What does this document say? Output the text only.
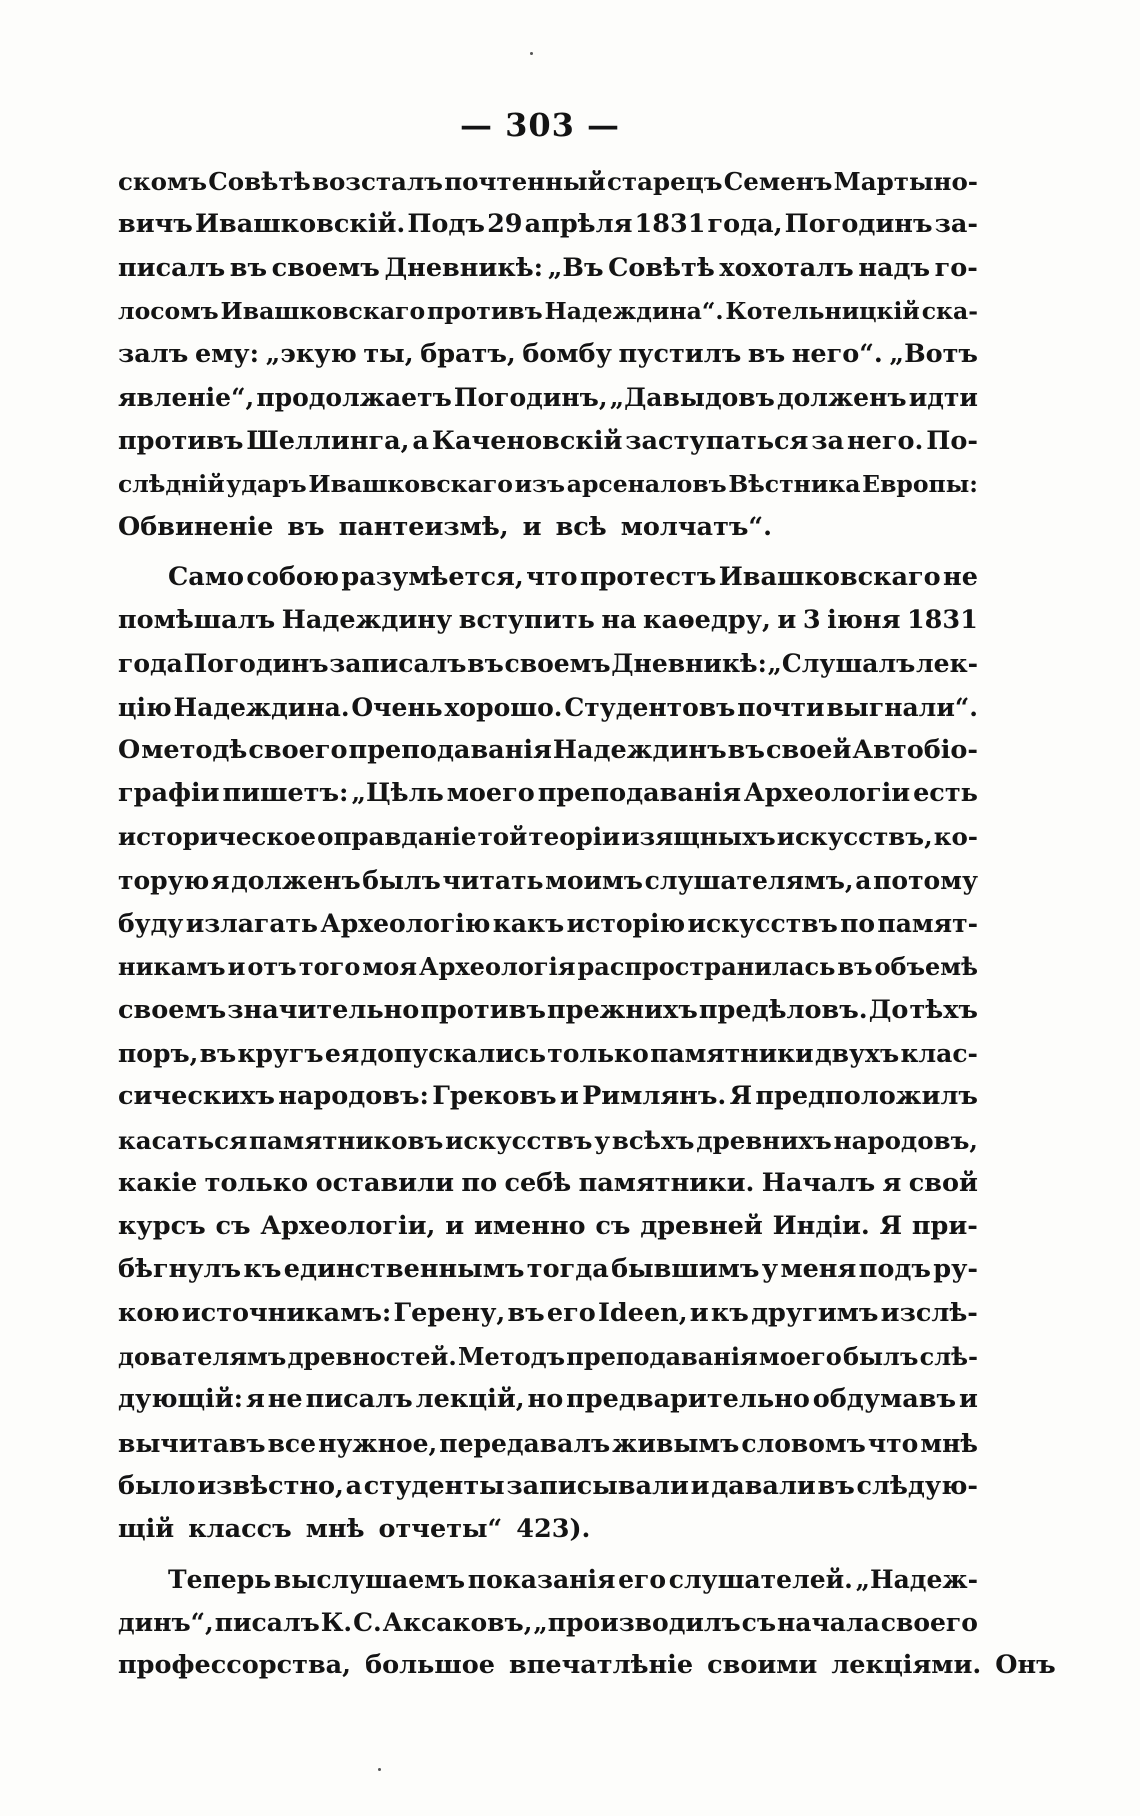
— 303 —
скомъ Совѣтѣ возсталъ почтенный старецъ Семенъ Мартыно-
вичъ Ивашковскій. Подъ 29 апрѣля 1831 года, Погодинъ за-
писалъ въ своемъ Дневникѣ: „Въ Совѣтѣ хохоталъ надъ го-
лосомъ Ивашковскаго противъ Надеждина“. Котельницкій ска-
залъ ему: „экую ты, братъ, бомбу пустилъ въ него“. „Вотъ
явленіе“, продолжаетъ Погодинъ, „Давыдовъ долженъ идти
противъ Шеллинга, а Каченовскій заступаться за него. По-
слѣдній ударъ Ивашковскаго изъ арсеналовъ Вѣстника Европы:
Обвиненіе въ пантеизмѣ, и всѣ молчатъ“.
Само собою разумѣется, что протестъ Ивашковскаго не
помѣшалъ Надеждину вступить на каѳедру, и 3 іюня 1831
года Погодинъ записалъ въ своемъ Дневникѣ: „Слушалъ лек-
цію Надеждина. Очень хорошо. Студентовъ почти выгнали“.
О методѣ своего преподаванія Надеждинъ въ своей Автобіо-
графіи пишетъ: „Цѣль моего преподаванія Археологіи есть
историческое оправданіе той теоріи изящныхъ искусствъ, ко-
торую я долженъ былъ читать моимъ слушателямъ, а потому
буду излагать Археологію какъ исторію искусствъ по памят-
никамъ и отъ того моя Археологія распространилась въ объемѣ
своемъ значительно противъ прежнихъ предѣловъ. До тѣхъ
поръ, въ кругъ ея допускались только памятники двухъ клас-
сическихъ народовъ: Грековъ и Римлянъ. Я предположилъ
касаться памятниковъ искусствъ у всѣхъ древнихъ народовъ,
какіе только оставили по себѣ памятники. Началъ я свой
курсъ съ Археологіи, и именно съ древней Индіи. Я при-
бѣгнулъ къ единственнымъ тогда бывшимъ у меня подъ ру-
кою источникамъ: Герену, въ его Ideen, и къ другимъ изслѣ-
дователямъ древностей. Методъ преподаванія моего былъ слѣ-
дующій: я не писалъ лекцій, но предварительно обдумавъ и
вычитавъ все нужное, передавалъ живымъ словомъ что мнѣ
было извѣстно, а студенты записывали и давали въ слѣдую-
щій классъ мнѣ отчеты“ 423).
Теперь выслушаемъ показанія его слушателей. „Надеж-
динъ“, писалъ К. С. Аксаковъ, „производилъ съ начала своего
профессорства, большое впечатлѣніе своими лекціями. Онъ
